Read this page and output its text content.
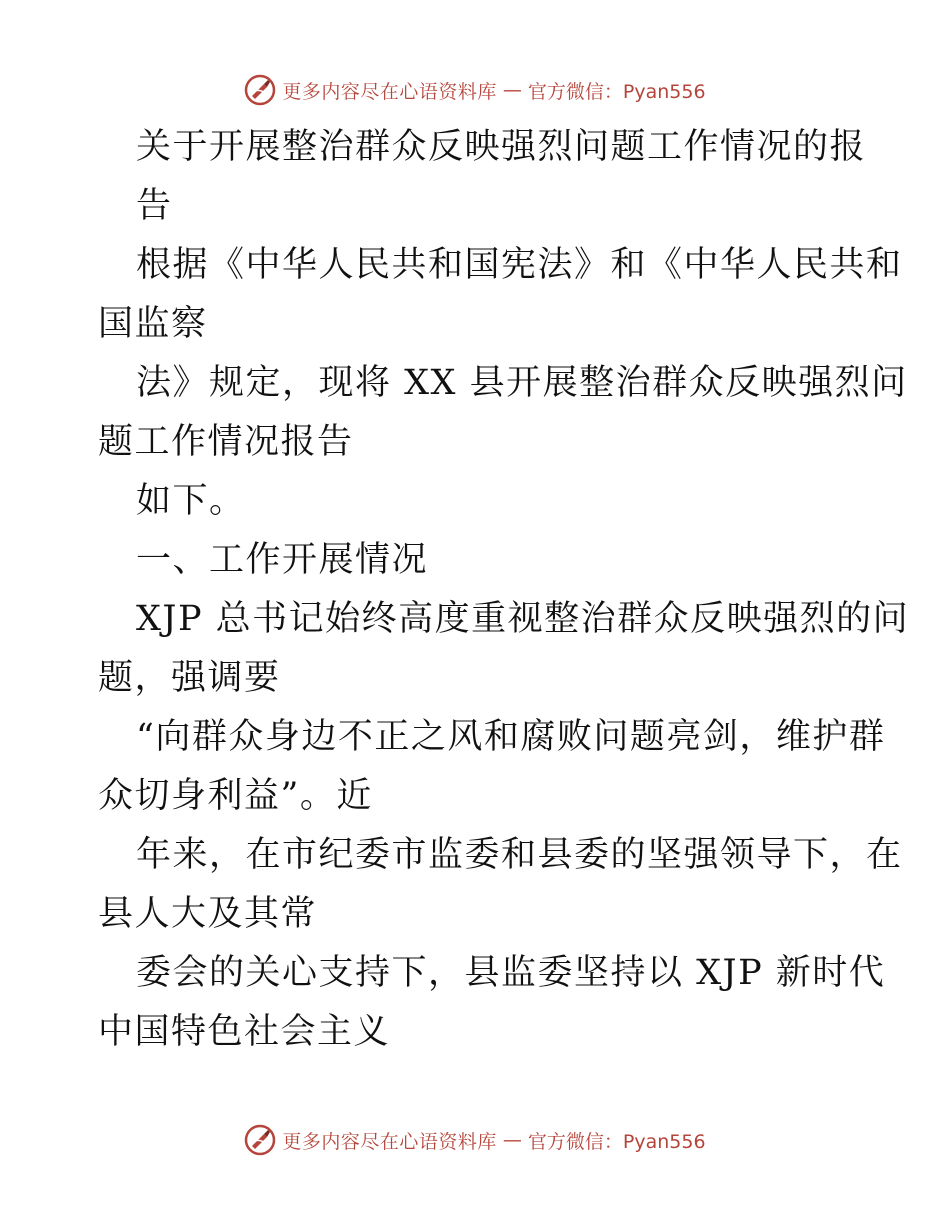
更多内容尽在心语资料库 — 官方微信：Pyan556
关于开展整治群众反映强烈问题工作情况的报
告
根据《中华人民共和国宪法》和《中华人民共和
国监察
法》规定，现将 XX 县开展整治群众反映强烈问
题工作情况报告
如下。
一、工作开展情况
XJP 总书记始终高度重视整治群众反映强烈的问
题，强调要
“向群众身边不正之风和腐败问题亮剑，维护群
众切身利益”。近
年来，在市纪委市监委和县委的坚强领导下，在
县人大及其常
委会的关心支持下，县监委坚持以 XJP 新时代
中国特色社会主义
更多内容尽在心语资料库 — 官方微信：Pyan556
